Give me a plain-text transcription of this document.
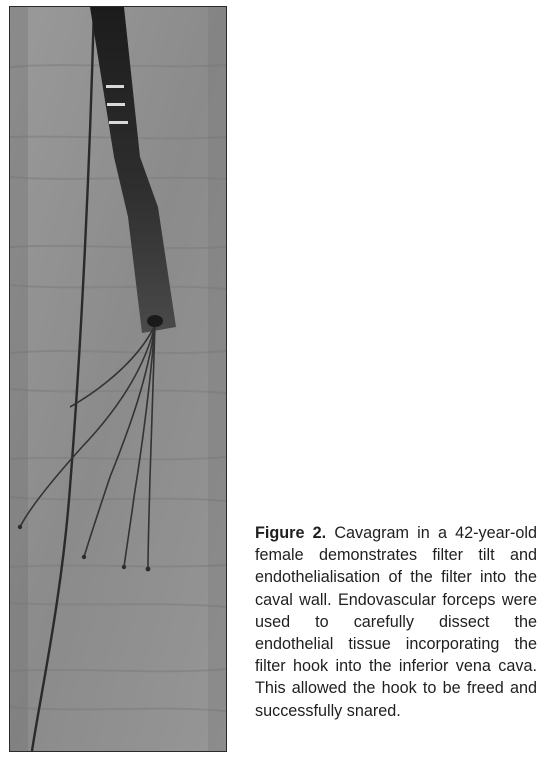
Figure 2. Cavagram in a 42-year-old female demonstrates filter tilt and endothelialisation of the filter into the caval wall. Endovascular forceps were used to carefully dissect the endothelial tissue incorporating the filter hook into the inferior vena cava. This allowed the hook to be freed and successfully snared.
